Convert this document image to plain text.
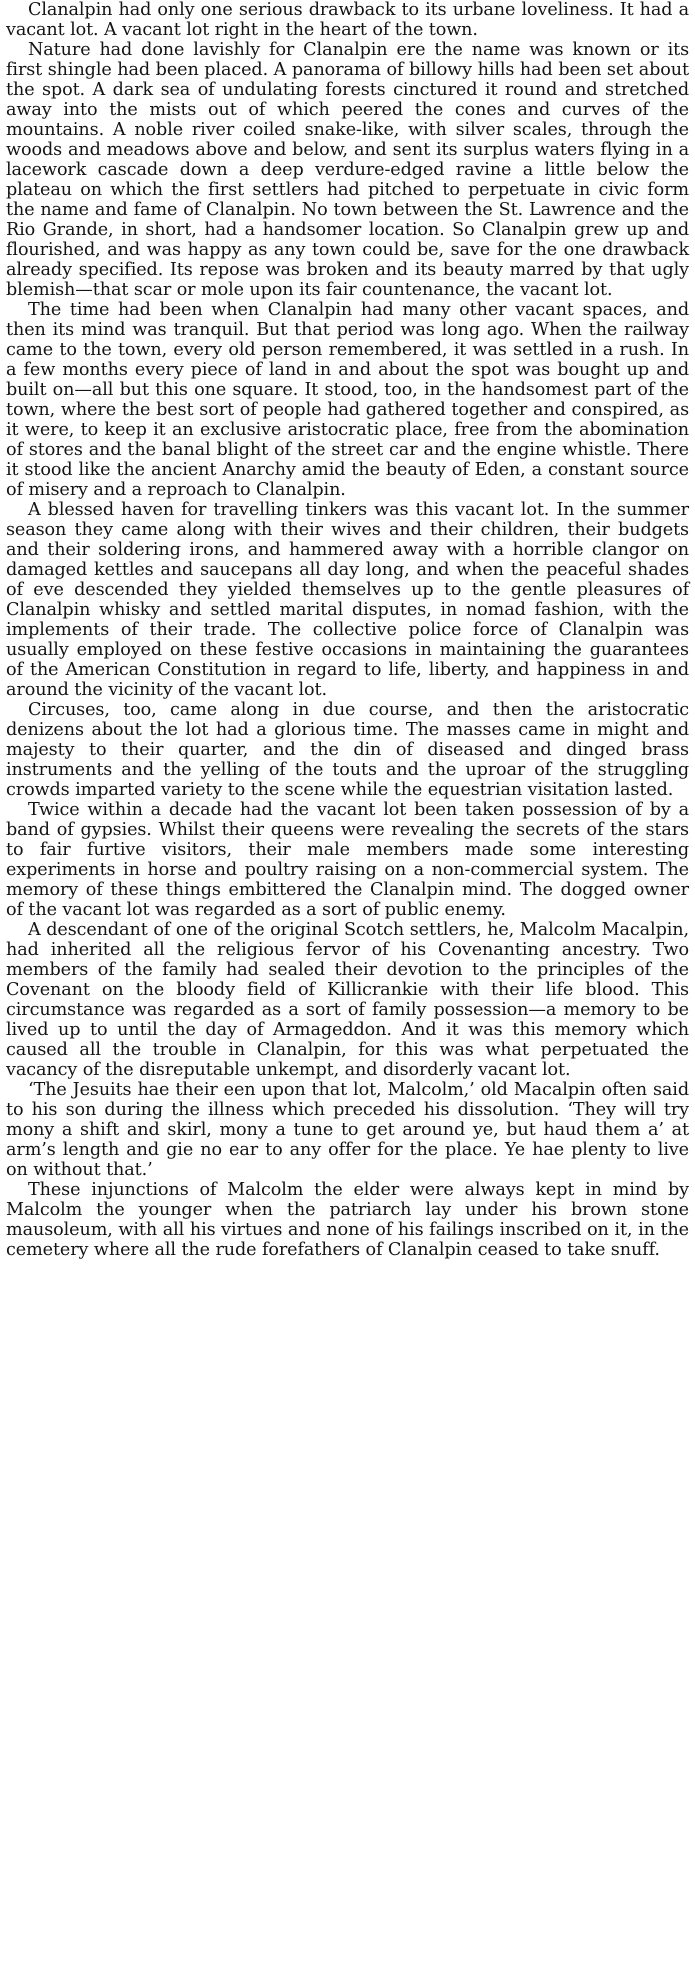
Clanalpin had only one serious drawback to its urbane loveliness. It had a vacant lot. A vacant lot right in the heart of the town.

Nature had done lavishly for Clanalpin ere the name was known or its first shingle had been placed. A panorama of billowy hills had been set about the spot. A dark sea of undulating forests cinctured it round and stretched away into the mists out of which peered the cones and curves of the mountains. A noble river coiled snake-like, with silver scales, through the woods and meadows above and below, and sent its surplus waters flying in a lacework cascade down a deep verdure-edged ravine a little below the plateau on which the first settlers had pitched to perpetuate in civic form the name and fame of Clanalpin. No town between the St. Lawrence and the Rio Grande, in short, had a handsomer location. So Clanalpin grew up and flourished, and was happy as any town could be, save for the one drawback already specified. Its repose was broken and its beauty marred by that ugly blemish—that scar or mole upon its fair countenance, the vacant lot.

The time had been when Clanalpin had many other vacant spaces, and then its mind was tranquil. But that period was long ago. When the railway came to the town, every old person remembered, it was settled in a rush. In a few months every piece of land in and about the spot was bought up and built on—all but this one square. It stood, too, in the handsomest part of the town, where the best sort of people had gathered together and conspired, as it were, to keep it an exclusive aristocratic place, free from the abomination of stores and the banal blight of the street car and the engine whistle. There it stood like the ancient Anarchy amid the beauty of Eden, a constant source of misery and a reproach to Clanalpin.

A blessed haven for travelling tinkers was this vacant lot. In the summer season they came along with their wives and their children, their budgets and their soldering irons, and hammered away with a horrible clangor on damaged kettles and saucepans all day long, and when the peaceful shades of eve descended they yielded themselves up to the gentle pleasures of Clanalpin whisky and settled marital disputes, in nomad fashion, with the implements of their trade. The collective police force of Clanalpin was usually employed on these festive occasions in maintaining the guarantees of the American Constitution in regard to life, liberty, and happiness in and around the vicinity of the vacant lot.

Circuses, too, came along in due course, and then the aristocratic denizens about the lot had a glorious time. The masses came in might and majesty to their quarter, and the din of diseased and dinged brass instruments and the yelling of the touts and the uproar of the struggling crowds imparted variety to the scene while the equestrian visitation lasted.

Twice within a decade had the vacant lot been taken possession of by a band of gypsies. Whilst their queens were revealing the secrets of the stars to fair furtive visitors, their male members made some interesting experiments in horse and poultry raising on a non-commercial system. The memory of these things embittered the Clanalpin mind. The dogged owner of the vacant lot was regarded as a sort of public enemy.

A descendant of one of the original Scotch settlers, he, Malcolm Macalpin, had inherited all the religious fervor of his Covenanting ancestry. Two members of the family had sealed their devotion to the principles of the Covenant on the bloody field of Killicrankie with their life blood. This circumstance was regarded as a sort of family possession—a memory to be lived up to until the day of Armageddon. And it was this memory which caused all the trouble in Clanalpin, for this was what perpetuated the vacancy of the disreputable unkempt, and disorderly vacant lot.

‘The Jesuits hae their een upon that lot, Malcolm,’ old Macalpin often said to his son during the illness which preceded his dissolution. ‘They will try mony a shift and skirl, mony a tune to get around ye, but haud them a’ at arm’s length and gie no ear to any offer for the place. Ye hae plenty to live on without that.’

These injunctions of Malcolm the elder were always kept in mind by Malcolm the younger when the patriarch lay under his brown stone mausoleum, with all his virtues and none of his failings inscribed on it, in the cemetery where all the rude forefathers of Clanalpin ceased to take snuff.
